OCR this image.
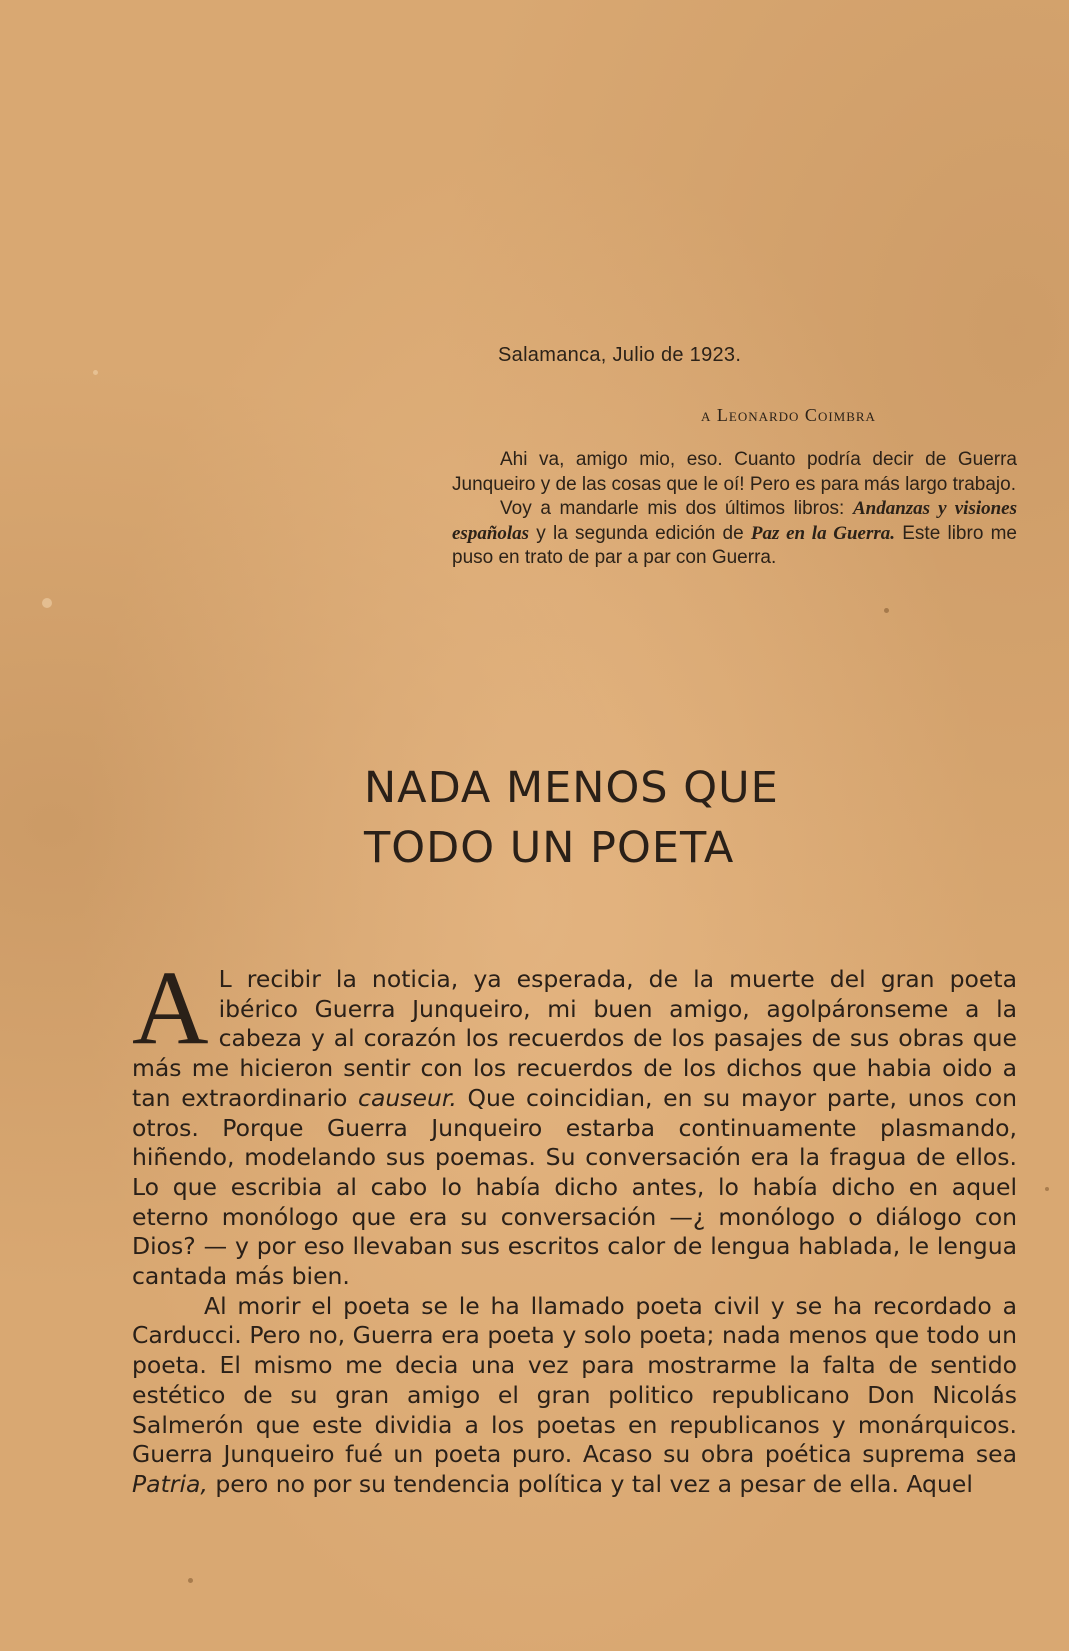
Salamanca, Julio de 1923.
a Leonardo Coimbra

Ahi va, amigo mio, eso. Cuanto podría decir de Guerra Junqueiro y de las cosas que le oí! Pero es para más largo trabajo.

Voy a mandarle mis dos últimos libros: Andanzas y visiones españolas y la segunda edición de Paz en la Guerra. Este libro me puso en trato de par a par con Guerra.

NADA MENOS QUE
TODO UN POETA

A L recibir la noticia, ya esperada, de la muerte del gran poeta ibérico Guerra Junqueiro, mi buen amigo, agolpáronseme a la cabeza y al corazón los recuerdos de los pasajes de sus obras que más me hicieron sentir con los recuerdos de los dichos que habia oido a tan extraordinario causeur. Que coincidian, en su mayor parte, unos con otros. Porque Guerra Junqueiro estarba continuamente plasmando, hiñendo, modelando sus poemas. Su conversación era la fragua de ellos. Lo que escribia al cabo lo había dicho antes, lo había dicho en aquel eterno monólogo que era su conversación —¿ monólogo o diálogo con Dios? — y por eso llevaban sus escritos calor de lengua hablada, le lengua cantada más bien.

Al morir el poeta se le ha llamado poeta civil y se ha recordado a Carducci. Pero no, Guerra era poeta y solo poeta; nada menos que todo un poeta. El mismo me decia una vez para mostrarme la falta de sentido estético de su gran amigo el gran politico republicano Don Nicolás Salmerón que este dividia a los poetas en republicanos y monárquicos. Guerra Junqueiro fué un poeta puro. Acaso su obra poética suprema sea Patria, pero no por su tendencia política y tal vez a pesar de ella. Aquel
